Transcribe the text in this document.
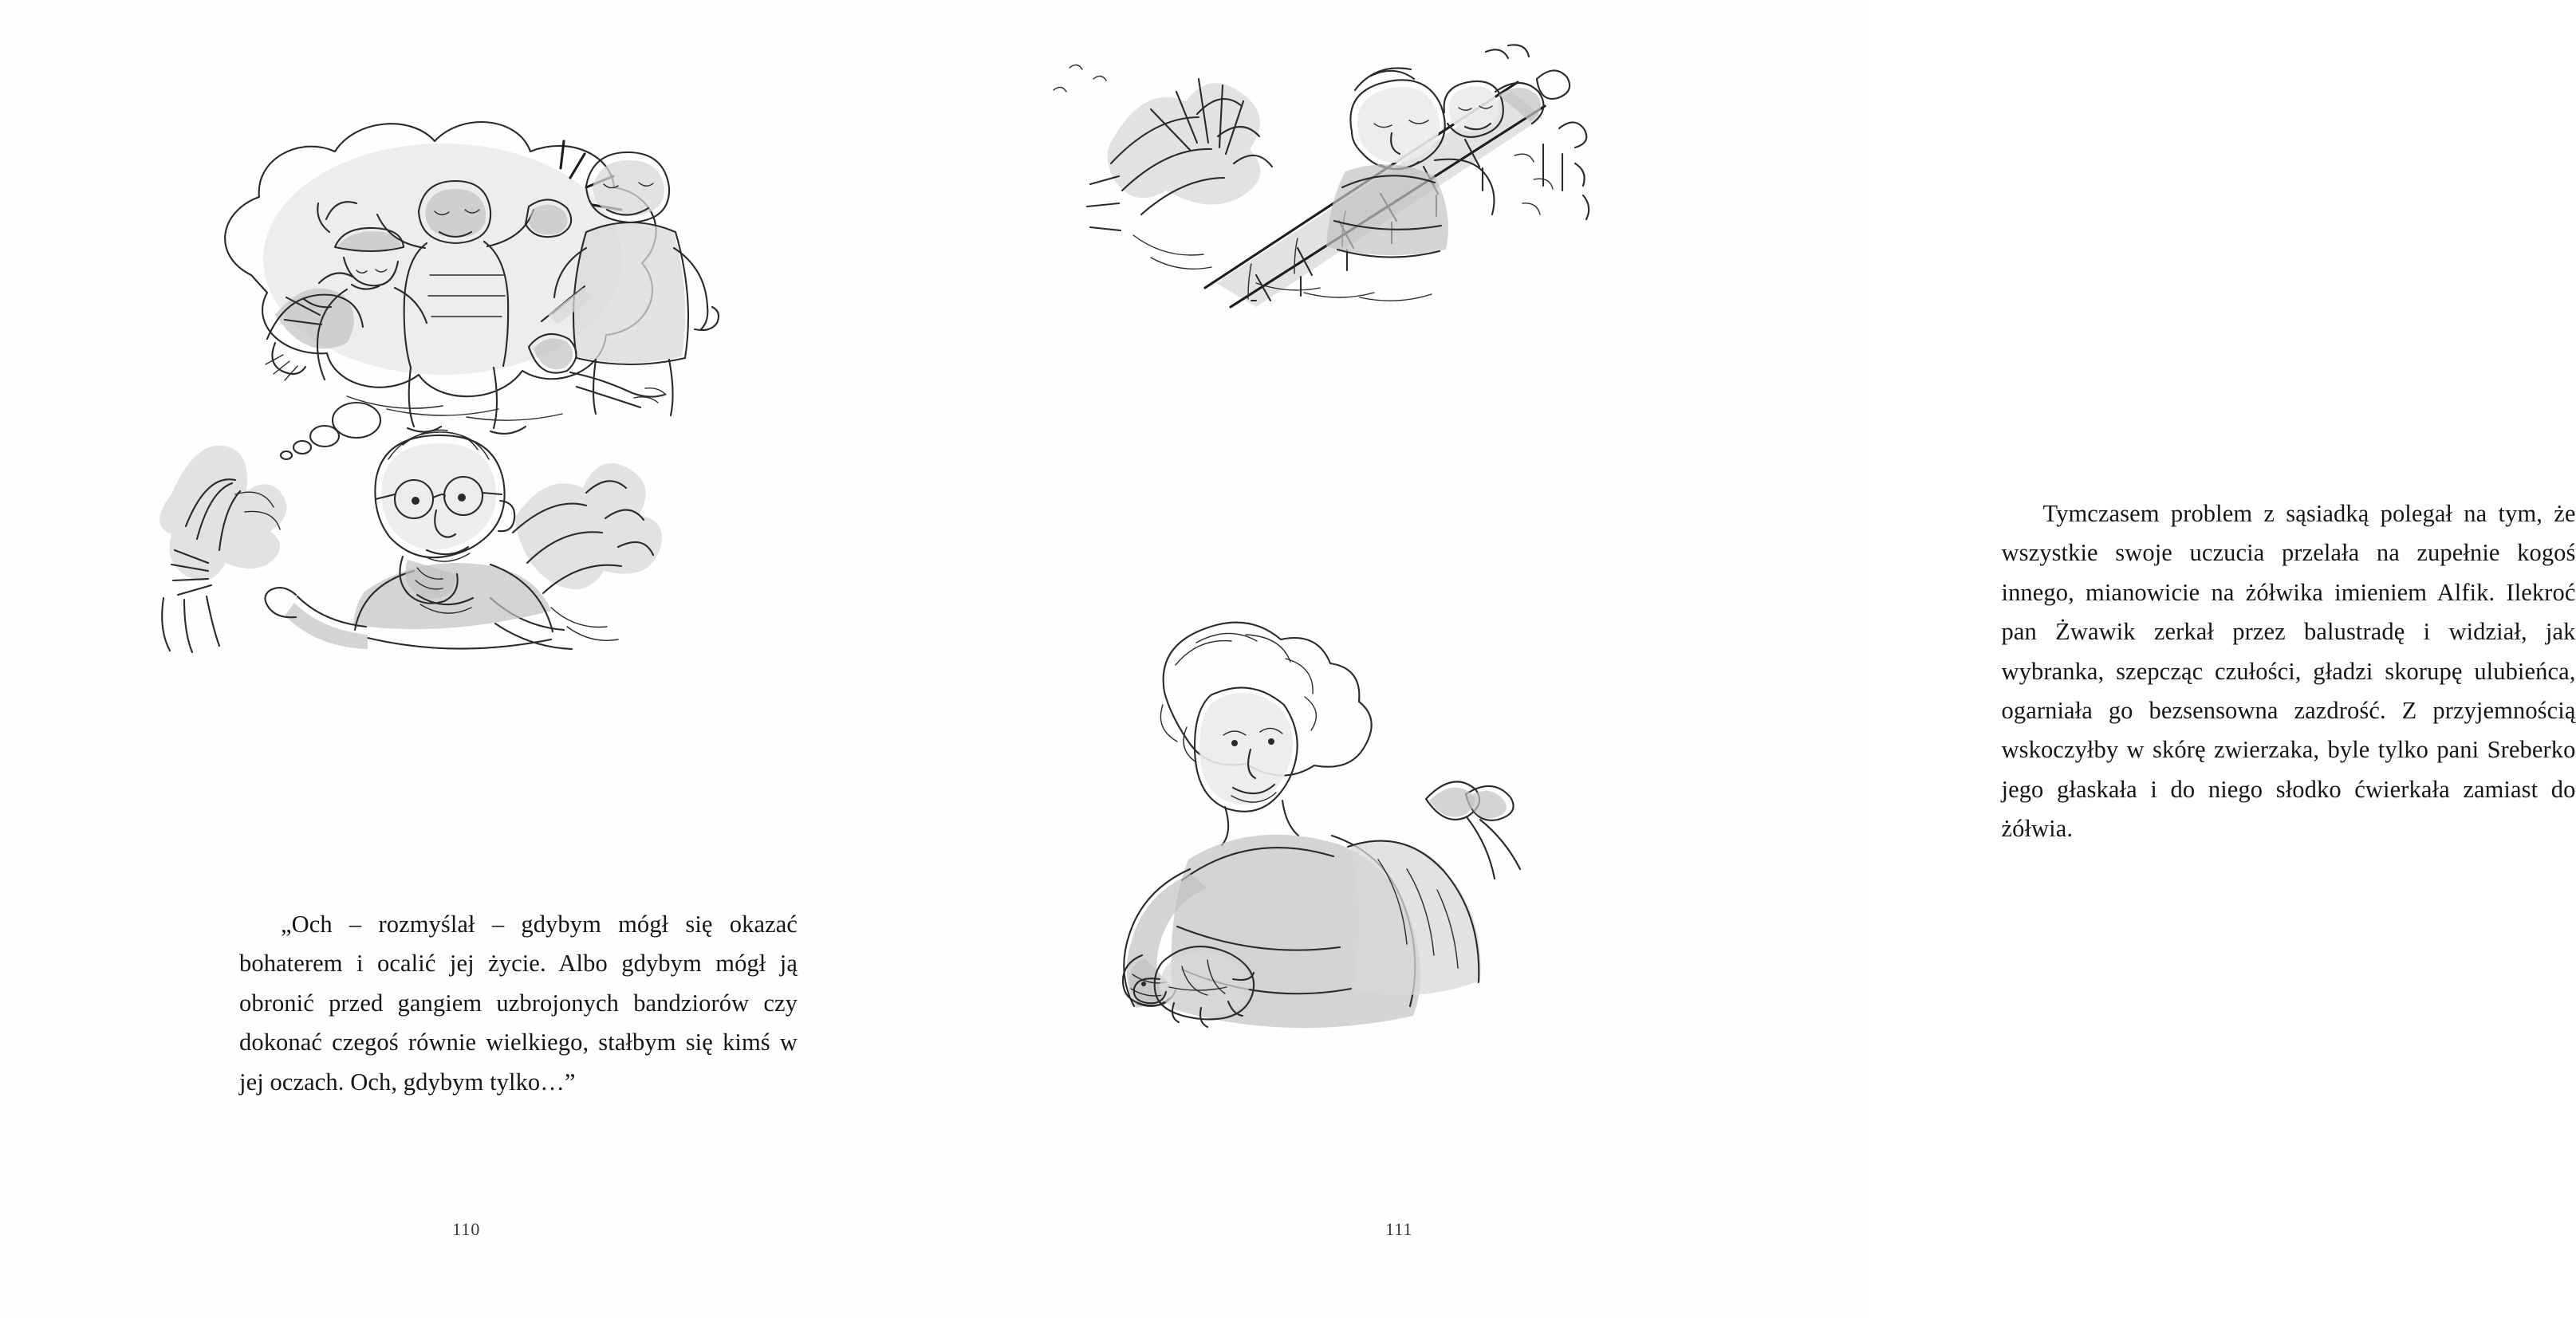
„Och – rozmyślał – gdybym mógł się okazać bohaterem i ocalić jej życie. Albo gdybym mógł ją obronić przed gangiem uzbrojonych bandziorów czy dokonać czegoś równie wielkiego, stałbym się kimś w jej oczach. Och, gdybym tylko…”

110

Tymczasem problem z sąsiadką polegał na tym, że wszystkie swoje uczucia przelała na zupełnie kogoś innego, mianowicie na żółwika imieniem Alfik. Ilekroć pan Żwawik zerkał przez balustradę i widział, jak wybranka, szepcząc czułości, gładzi skorupę ulubieńca, ogarniała go bezsensowna zazdrość. Z przyjemnością wskoczyłby w skórę zwierzaka, byle tylko pani Sreberko jego głaskała i do niego słodko ćwierkała zamiast do żółwia.

111
